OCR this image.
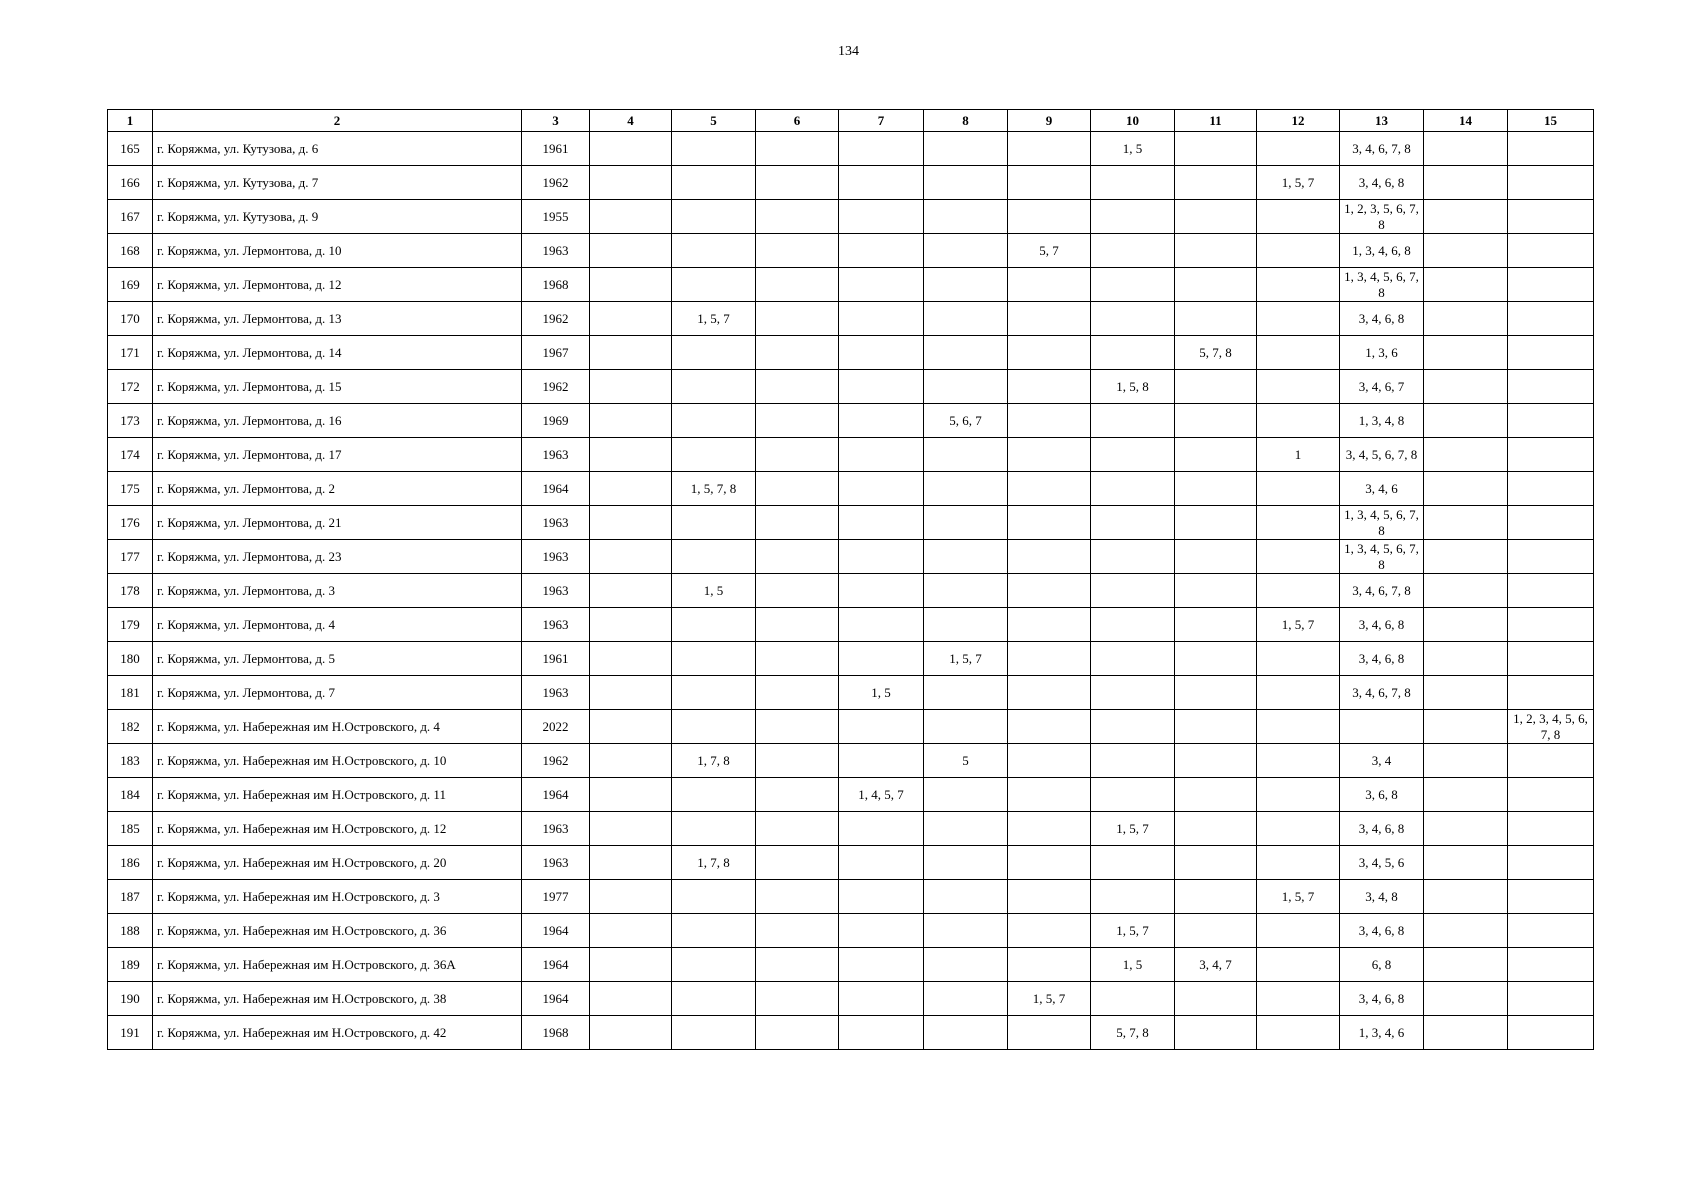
134
1	2	3	4	5	6	7	8	9	10	11	12	13	14	15
165	г. Коряжма, ул. Кутузова, д. 6	1961							1, 5			3, 4, 6, 7, 8		
166	г. Коряжма, ул. Кутузова, д. 7	1962									1, 5, 7	3, 4, 6, 8		
167	г. Коряжма, ул. Кутузова, д. 9	1955										1, 2, 3, 5, 6, 7, 8		
168	г. Коряжма, ул. Лермонтова, д. 10	1963						5, 7				1, 3, 4, 6, 8		
169	г. Коряжма, ул. Лермонтова, д. 12	1968										1, 3, 4, 5, 6, 7, 8		
170	г. Коряжма, ул. Лермонтова, д. 13	1962		1, 5, 7								3, 4, 6, 8		
171	г. Коряжма, ул. Лермонтова, д. 14	1967								5, 7, 8		1, 3, 6		
172	г. Коряжма, ул. Лермонтова, д. 15	1962							1, 5, 8			3, 4, 6, 7		
173	г. Коряжма, ул. Лермонтова, д. 16	1969					5, 6, 7					1, 3, 4, 8		
174	г. Коряжма, ул. Лермонтова, д. 17	1963									1	3, 4, 5, 6, 7, 8		
175	г. Коряжма, ул. Лермонтова, д. 2	1964		1, 5, 7, 8								3, 4, 6		
176	г. Коряжма, ул. Лермонтова, д. 21	1963										1, 3, 4, 5, 6, 7, 8		
177	г. Коряжма, ул. Лермонтова, д. 23	1963										1, 3, 4, 5, 6, 7, 8		
178	г. Коряжма, ул. Лермонтова, д. 3	1963		1, 5								3, 4, 6, 7, 8		
179	г. Коряжма, ул. Лермонтова, д. 4	1963									1, 5, 7	3, 4, 6, 8		
180	г. Коряжма, ул. Лермонтова, д. 5	1961					1, 5, 7					3, 4, 6, 8		
181	г. Коряжма, ул. Лермонтова, д. 7	1963				1, 5						3, 4, 6, 7, 8		
182	г. Коряжма, ул. Набережная им Н.Островского, д. 4	2022												1, 2, 3, 4, 5, 6, 7, 8
183	г. Коряжма, ул. Набережная им Н.Островского, д. 10	1962		1, 7, 8			5					3, 4		
184	г. Коряжма, ул. Набережная им Н.Островского, д. 11	1964				1, 4, 5, 7						3, 6, 8		
185	г. Коряжма, ул. Набережная им Н.Островского, д. 12	1963							1, 5, 7			3, 4, 6, 8		
186	г. Коряжма, ул. Набережная им Н.Островского, д. 20	1963		1, 7, 8								3, 4, 5, 6		
187	г. Коряжма, ул. Набережная им Н.Островского, д. 3	1977									1, 5, 7	3, 4, 8		
188	г. Коряжма, ул. Набережная им Н.Островского, д. 36	1964							1, 5, 7			3, 4, 6, 8		
189	г. Коряжма, ул. Набережная им Н.Островского, д. 36А	1964							1, 5	3, 4, 7		6, 8		
190	г. Коряжма, ул. Набережная им Н.Островского, д. 38	1964						1, 5, 7				3, 4, 6, 8		
191	г. Коряжма, ул. Набережная им Н.Островского, д. 42	1968							5, 7, 8			1, 3, 4, 6		
